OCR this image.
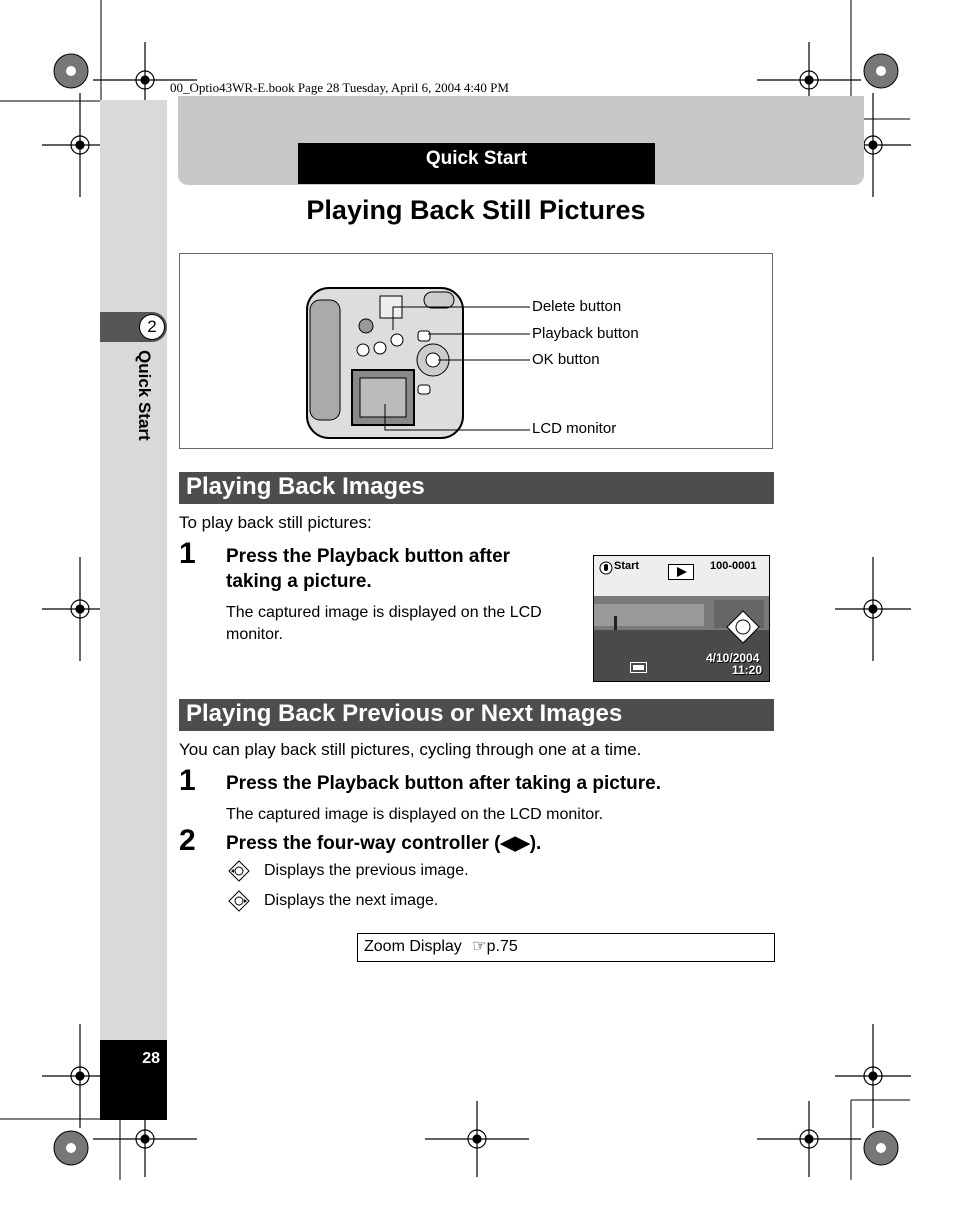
00_Optio43WR-E.book Page 28 Tuesday, April 6, 2004 4:40 PM
2
Quick Start
28
Quick Start
Playing Back Still Pictures
Delete button
Playback button
OK button
LCD monitor
Playing Back Images
To play back still pictures:
1 Press the Playback button after
taking a picture.
The captured image is displayed on the LCD
monitor.
Start	100-0001
4/10/2004
11:20
Playing Back Previous or Next Images
You can play back still pictures, cycling through one at a time.
1 Press the Playback button after taking a picture.
The captured image is displayed on the LCD monitor.
2 Press the four-way controller (◀▶).
Displays the previous image.
Displays the next image.
Zoom Display ☞p.75
